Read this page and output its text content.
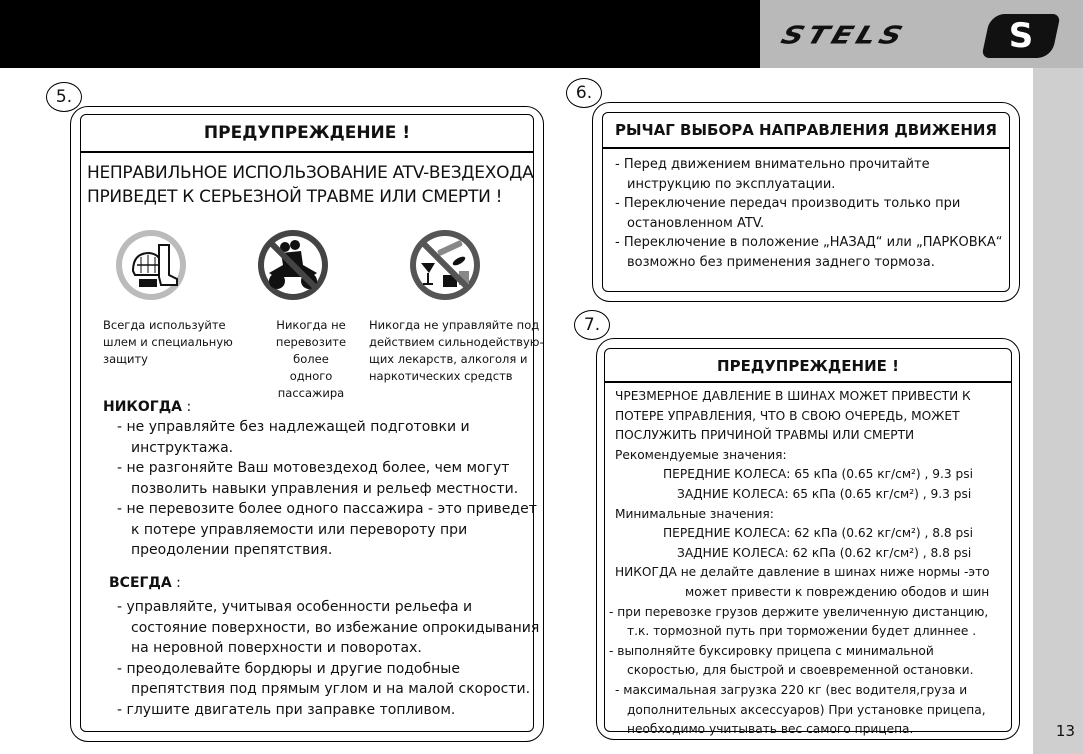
STELS	S
13
5.
ПРЕДУПРЕЖДЕНИЕ !
НЕПРАВИЛЬНОЕ ИСПОЛЬЗОВАНИЕ ATV-ВЕЗДЕХОДА
ПРИВЕДЕТ К СЕРЬЕЗНОЙ ТРАВМЕ ИЛИ СМЕРТИ !
Всегда используйте
шлем и специальную
защиту
Никогда не
перевозите
более одного
пассажира
Никогда не управляйте под
действием сильнодействую-
щих лекарств, алкоголя и
наркотических средств
НИКОГДА :
- не управляйте без надлежащей подготовки и
инструктажа.
- не разгоняйте Ваш мотовездеход более, чем могут
позволить навыки управления и рельеф местности.
- не перевозите более одного пассажира - это приведет
к потере управляемости или перевороту при
преодолении препятствия.
ВСЕГДА :
- управляйте, учитывая особенности рельефа и
состояние поверхности, во избежание опрокидывания
на неровной поверхности и поворотах.
- преодолевайте бордюры и другие подобные
препятствия под прямым углом и на малой скорости.
- глушите двигатель при заправке топливом.
6.
РЫЧАГ ВЫБОРА НАПРАВЛЕНИЯ ДВИЖЕНИЯ
- Перед движением внимательно прочитайте
инструкцию по эксплуатации.
- Переключение передач производить только при
остановленном ATV.
- Переключение в положение „НАЗАД“ или „ПАРКОВКА“
возможно без применения заднего тормоза.
7.
ПРЕДУПРЕЖДЕНИЕ !
ЧРЕЗМЕРНОЕ ДАВЛЕНИЕ В ШИНАХ МОЖЕТ ПРИВЕСТИ К
ПОТЕРЕ УПРАВЛЕНИЯ, ЧТО В СВОЮ ОЧЕРЕДЬ, МОЖЕТ
ПОСЛУЖИТЬ ПРИЧИНОЙ ТРАВМЫ ИЛИ СМЕРТИ
Рекомендуемые значения:
ПЕРЕДНИЕ КОЛЕСА: 65 кПа (0.65 кг/см²) , 9.3 psi
ЗАДНИЕ КОЛЕСА: 65 кПа (0.65 кг/см²) , 9.3 psi
Минимальные значения:
ПЕРЕДНИЕ КОЛЕСА: 62 кПа (0.62 кг/см²) , 8.8 psi
ЗАДНИЕ КОЛЕСА: 62 кПа (0.62 кг/см²) , 8.8 psi
НИКОГДА не делайте давление в шинах ниже нормы -это
может привести к повреждению ободов и шин
- при перевозке грузов держите увеличенную дистанцию,
т.к. тормозной путь при торможении будет длиннее .
- выполняйте буксировку прицепа с минимальной
скоростью, для быстрой и своевременной остановки.
- максимальная загрузка 220 кг (вес водителя,груза и
дополнительных аксессуаров) При установке прицепа,
необходимо учитывать вес самого прицепа.
